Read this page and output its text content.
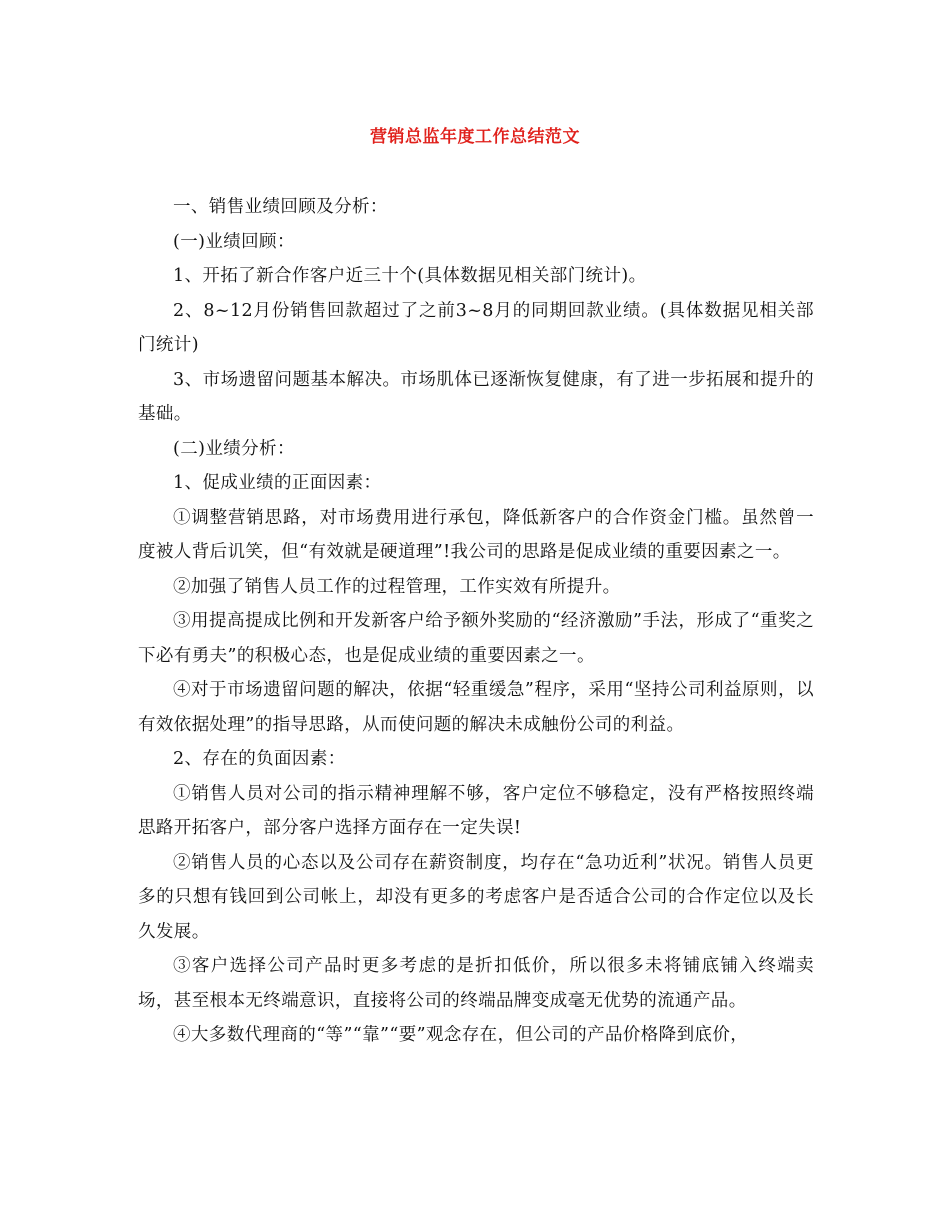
营销总监年度工作总结范文

一、销售业绩回顾及分析：

(一)业绩回顾：

1、开拓了新合作客户近三十个(具体数据见相关部门统计)。

2、8~12月份销售回款超过了之前3~8月的同期回款业绩。(具体数据见相关部门统计)

3、市场遗留问题基本解决。市场肌体已逐渐恢复健康，有了进一步拓展和提升的基础。

(二)业绩分析：

1、促成业绩的正面因素：

①调整营销思路，对市场费用进行承包，降低新客户的合作资金门槛。虽然曾一度被人背后讥笑，但“有效就是硬道理”!我公司的思路是促成业绩的重要因素之一。

②加强了销售人员工作的过程管理，工作实效有所提升。

③用提高提成比例和开发新客户给予额外奖励的“经济激励”手法，形成了“重奖之下必有勇夫”的积极心态，也是促成业绩的重要因素之一。

④对于市场遗留问题的解决，依据“轻重缓急”程序，采用“坚持公司利益原则，以有效依据处理”的指导思路，从而使问题的解决未成触份公司的利益。

2、存在的负面因素：

①销售人员对公司的指示精神理解不够，客户定位不够稳定，没有严格按照终端思路开拓客户，部分客户选择方面存在一定失误!

②销售人员的心态以及公司存在薪资制度，均存在“急功近利”状况。销售人员更多的只想有钱回到公司帐上，却没有更多的考虑客户是否适合公司的合作定位以及长久发展。

③客户选择公司产品时更多考虑的是折扣低价，所以很多未将铺底铺入终端卖场，甚至根本无终端意识，直接将公司的终端品牌变成毫无优势的流通产品。

④大多数代理商的“等”“靠”“要”观念存在，但公司的产品价格降到底价，
